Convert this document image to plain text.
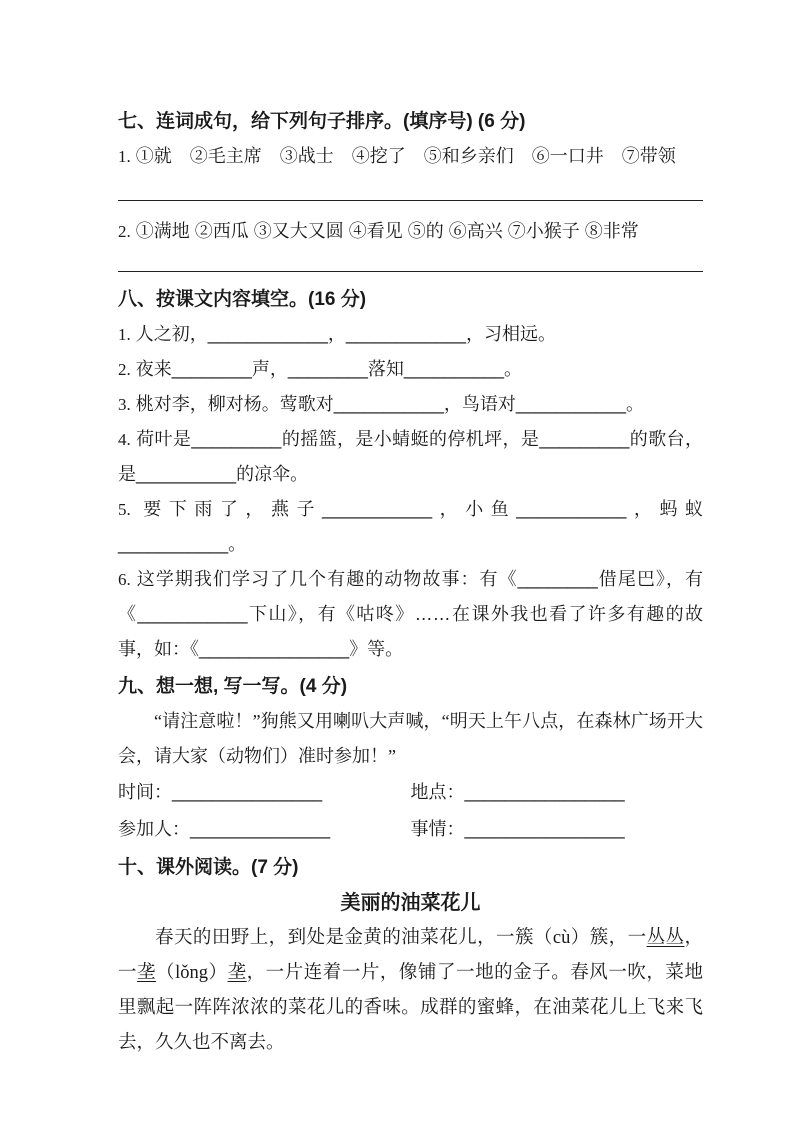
七、连词成句，给下列句子排序。(填序号) (6 分)
1. ①就　②毛主席　③战士　④挖了　⑤和乡亲们　⑥一口井　⑦带领
2. ①满地 ②西瓜 ③又大又圆 ④看见 ⑤的 ⑥高兴 ⑦小猴子 ⑧非常
八、按课文内容填空。(16 分)
1. 人之初，____________，____________，习相远。
2. 夜来________声，________落知__________。
3. 桃对李，柳对杨。莺歌对___________，鸟语对___________。
4. 荷叶是_________的摇篮，是小蜻蜓的停机坪，是_________的歌台，是__________的凉伞。
5. 要下雨了，燕子___________，小鱼___________，蚂蚁___________。
6. 这学期我们学习了几个有趣的动物故事：有《________借尾巴》，有《___________下山》，有《咕咚》……在课外我也看了许多有趣的故事，如：《_______________》等。
九、想一想, 写一写。(4 分)
“请注意啦！”狗熊又用喇叭大声喊，“明天上午八点，在森林广场开大会，请大家（动物们）准时参加！”
时间：_______________	地点：________________
参加人：______________	事情：________________
十、课外阅读。(7 分)
美丽的油菜花儿
春天的田野上，到处是金黄的油菜花儿，一簇（cù）簇，一丛丛，一垄（lǒng）垄，一片连着一片，像铺了一地的金子。春风一吹，菜地里飘起一阵阵浓浓的菜花儿的香味。成群的蜜蜂，在油菜花儿上飞来飞去，久久也不离去。
